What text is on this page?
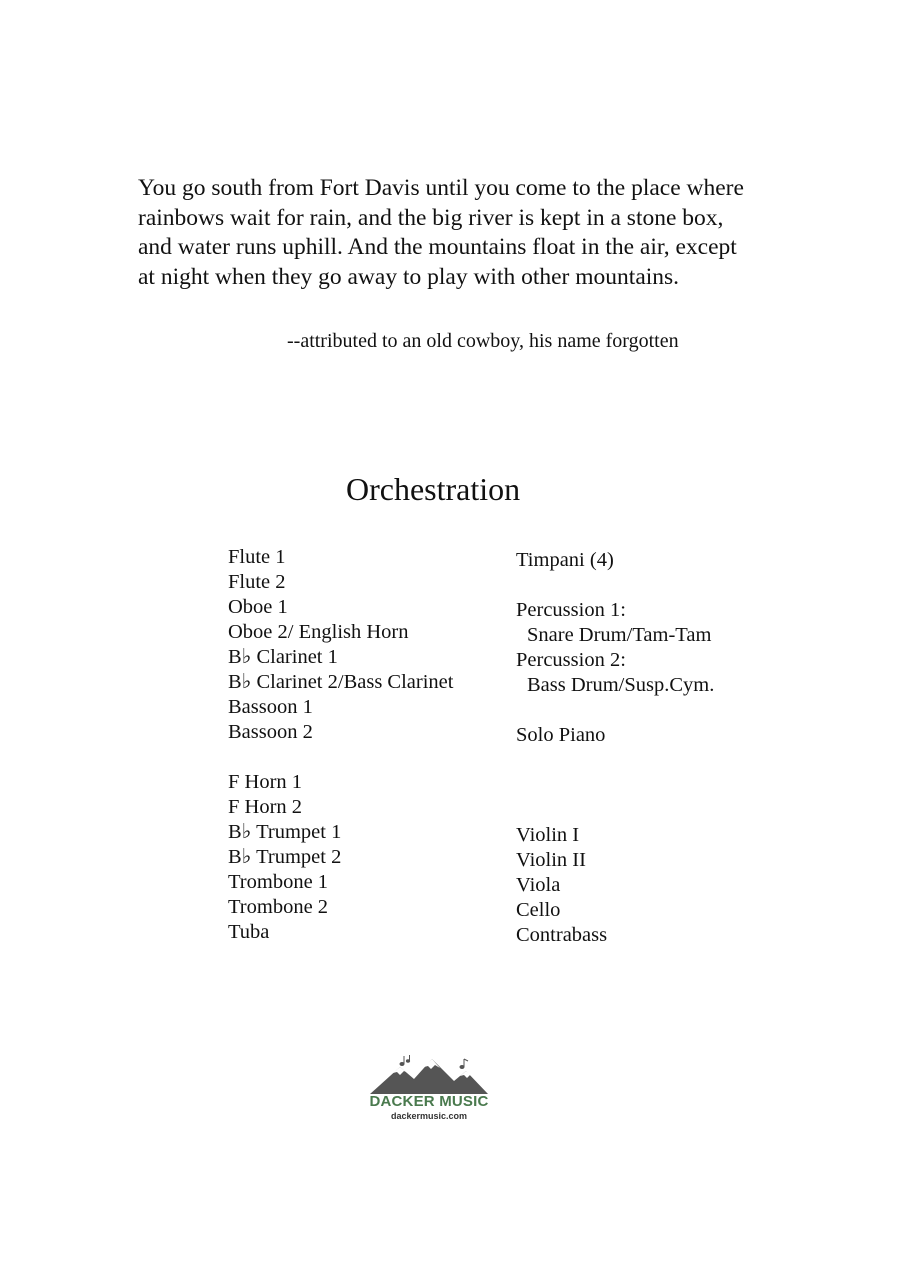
You go south from Fort Davis until you come to the place where rainbows wait for rain, and the big river is kept in a stone box, and water runs uphill. And the mountains float in the air, except at night when they go away to play with other mountains.

--attributed to an old cowboy, his name forgotten
Orchestration
Flute 1
Flute 2
Oboe 1
Oboe 2/ English Horn
B♭ Clarinet 1
B♭ Clarinet 2/Bass Clarinet
Bassoon 1
Bassoon 2
F Horn 1
F Horn 2
B♭ Trumpet 1
B♭ Trumpet 2
Trombone 1
Trombone 2
Tuba
Timpani (4)
Percussion 1:
Snare Drum/Tam-Tam
Percussion 2:
Bass Drum/Susp.Cym.
Solo Piano
Violin I
Violin II
Viola
Cello
Contrabass
DACKER MUSIC
dackermusic.com
